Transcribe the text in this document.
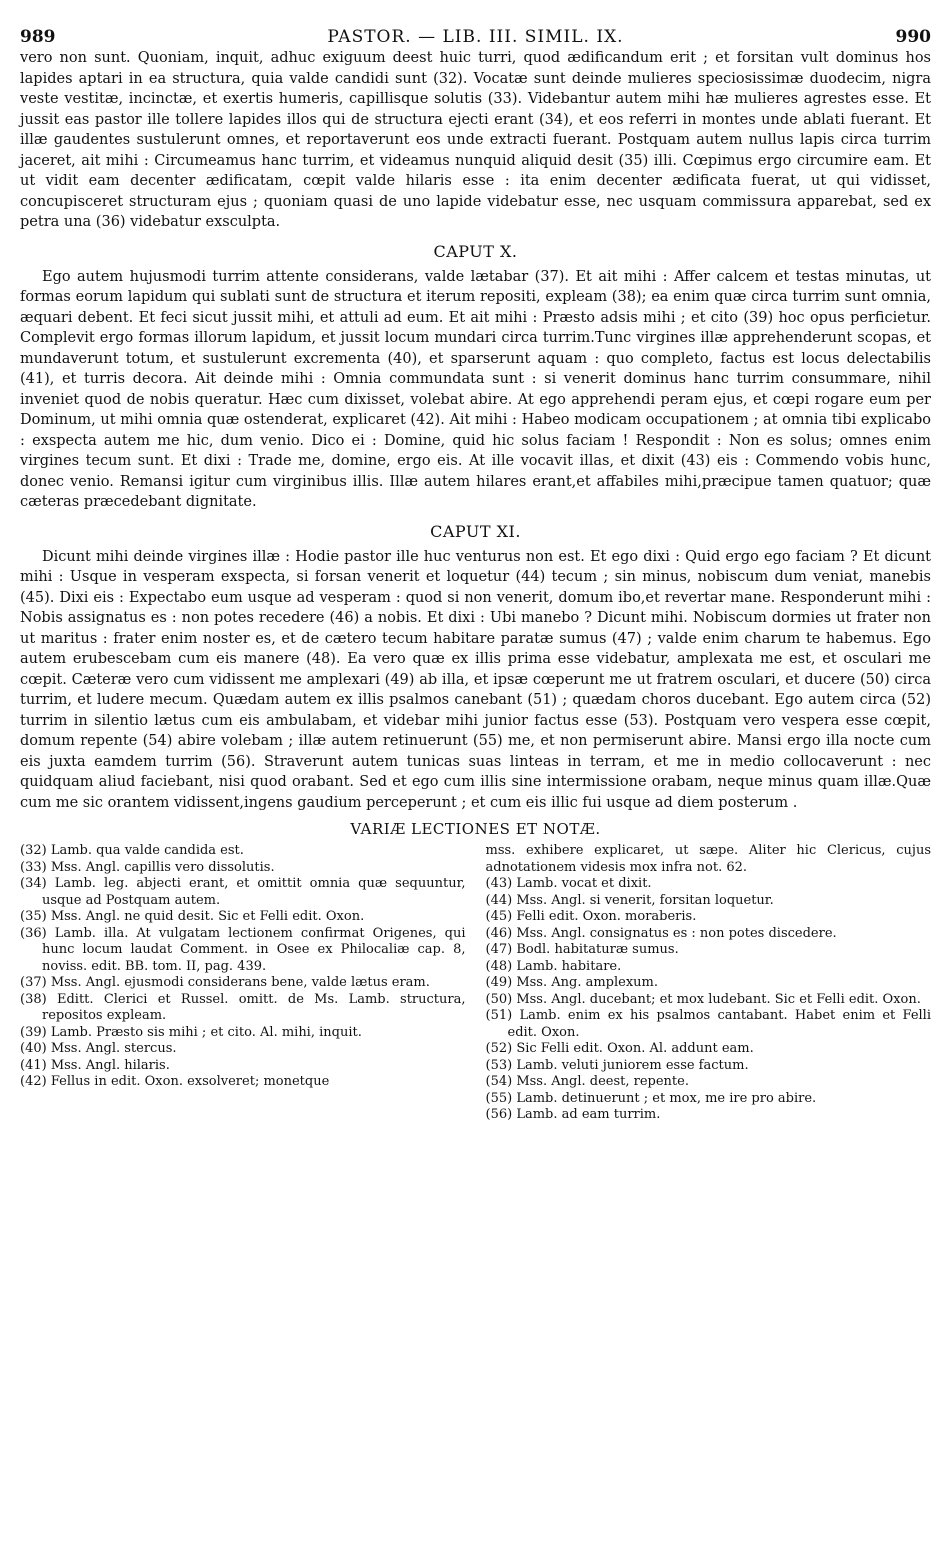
989	PASTOR. — LIB. III. SIMIL. IX.	990

vero non sunt. Quoniam, inquit, adhuc exiguum deest huic turri, quod ædificandum erit ; et forsitan vult dominus hos lapides aptari in ea structura, quia valde candidi sunt (32). Vocatæ sunt deinde mulieres speciosissimæ duodecim, nigra veste vestitæ, incinctæ, et exertis humeris, capillisque solutis (33). Videbantur autem mihi hæ mulieres agrestes esse. Et jussit eas pastor ille tollere lapides illos qui de structura ejecti erant (34), et eos referri in montes unde ablati fuerant. Et illæ gaudentes sustulerunt omnes, et reportaverunt eos unde extracti fuerant. Postquam autem nullus lapis circa turrim jaceret, ait mihi : Circumeamus hanc turrim, et videamus nunquid aliquid desit (35) illi. Cœpimus ergo circumire eam. Et ut vidit eam decenter ædificatam, cœpit valde hilaris esse : ita enim decenter ædificata fuerat, ut qui vidisset, concupisceret structuram ejus ; quoniam quasi de uno lapide videbatur esse, nec usquam commissura apparebat, sed ex petra una (36) videbatur exsculpta.

CAPUT X.

Ego autem hujusmodi turrim attente considerans, valde lætabar (37). Et ait mihi : Affer calcem et testas minutas, ut formas eorum lapidum qui sublati sunt de structura et iterum repositi, expleam (38); ea enim quæ circa turrim sunt omnia, æquari debent. Et feci sicut jussit mihi, et attuli ad eum. Et ait mihi : Præsto adsis mihi ; et cito (39) hoc opus perficietur. Complevit ergo formas illorum lapidum, et jussit locum mundari circa turrim.Tunc virgines illæ apprehenderunt scopas, et mundaverunt totum, et sustulerunt excrementa (40), et sparserunt aquam : quo completo, factus est locus delectabilis (41), et turris decora. Ait deinde mihi : Omnia commundata sunt : si venerit dominus hanc turrim consummare, nihil inveniet quod de nobis queratur. Hæc cum dixisset, volebat abire. At ego apprehendi peram ejus, et cœpi rogare eum per Dominum, ut mihi omnia quæ ostenderat, explicaret (42). Ait mihi : Habeo modicam occupationem ; at omnia tibi explicabo : exspecta autem me hic, dum venio. Dico ei : Domine, quid hic solus faciam ! Respondit : Non es solus; omnes enim virgines tecum sunt. Et dixi : Trade me, domine, ergo eis. At ille vocavit illas, et dixit (43) eis : Commendo vobis hunc, donec venio. Remansi igitur cum virginibus illis. Illæ autem hilares erant,et affabiles mihi,præcipue tamen quatuor; quæ cæteras præcedebant dignitate.

CAPUT XI.

Dicunt mihi deinde virgines illæ : Hodie pastor ille huc venturus non est. Et ego dixi : Quid ergo ego faciam ? Et dicunt mihi : Usque in vesperam exspecta, si forsan venerit et loquetur (44) tecum ; sin minus, nobiscum dum veniat, manebis (45). Dixi eis : Expectabo eum usque ad vesperam : quod si non venerit, domum ibo,et revertar mane. Responderunt mihi : Nobis assignatus es : non potes recedere (46) a nobis. Et dixi : Ubi manebo ? Dicunt mihi. Nobiscum dormies ut frater non ut maritus : frater enim noster es, et de cætero tecum habitare paratæ sumus (47) ; valde enim charum te habemus. Ego autem erubescebam cum eis manere (48). Ea vero quæ ex illis prima esse videbatur, amplexata me est, et osculari me cœpit. Cæteræ vero cum vidissent me amplexari (49) ab illa, et ipsæ cœperunt me ut fratrem osculari, et ducere (50) circa turrim, et ludere mecum. Quædam autem ex illis psalmos canebant (51) ; quædam choros ducebant. Ego autem circa (52) turrim in silentio lætus cum eis ambulabam, et videbar mihi junior factus esse (53). Postquam vero vespera esse cœpit, domum repente (54) abire volebam ; illæ autem retinuerunt (55) me, et non permiserunt abire. Mansi ergo illa nocte cum eis juxta eamdem turrim (56). Straverunt autem tunicas suas linteas in terram, et me in medio collocaverunt : nec quidquam aliud faciebant, nisi quod orabant. Sed et ego cum illis sine intermissione orabam, neque minus quam illæ.Quæ cum me sic orantem vidissent,ingens gaudium perceperunt ; et cum eis illic fui usque ad diem posterum .

VARIÆ LECTIONES ET NOTÆ.

(32) Lamb. qua valde candida est.

(33) Mss. Angl. capillis vero dissolutis.

(34) Lamb. leg. abjecti erant, et omittit omnia quæ sequuntur, usque ad Postquam autem.

(35) Mss. Angl. ne quid desit. Sic et Felli edit. Oxon.

(36) Lamb. illa. At vulgatam lectionem confirmat Origenes, qui hunc locum laudat Comment. in Osee ex Philocaliæ cap. 8, noviss. edit. BB. tom. II, pag. 439.

(37) Mss. Angl. ejusmodi considerans bene, valde lætus eram.

(38) Editt. Clerici et Russel. omitt. de Ms. Lamb. structura, repositos expleam.

(39) Lamb. Præsto sis mihi ; et cito. Al. mihi, inquit.

(40) Mss. Angl. stercus.

(41) Mss. Angl. hilaris.

(42) Fellus in edit. Oxon. exsolveret; monetque

mss. exhibere explicaret, ut sæpe. Aliter hic Clericus, cujus adnotationem videsis mox infra not. 62.

(43) Lamb. vocat et dixit.

(44) Mss. Angl. si venerit, forsitan loquetur.

(45) Felli edit. Oxon. moraberis.

(46) Mss. Angl. consignatus es : non potes discedere.

(47) Bodl. habitaturæ sumus.

(48) Lamb. habitare.

(49) Mss. Ang. amplexum.

(50) Mss. Angl. ducebant; et mox ludebant. Sic et Felli edit. Oxon.

(51) Lamb. enim ex his psalmos cantabant. Habet enim et Felli edit. Oxon.

(52) Sic Felli edit. Oxon. Al. addunt eam.

(53) Lamb. veluti juniorem esse factum.

(54) Mss. Angl. deest, repente.

(55) Lamb. detinuerunt ; et mox, me ire pro abire.

(56) Lamb. ad eam turrim.
